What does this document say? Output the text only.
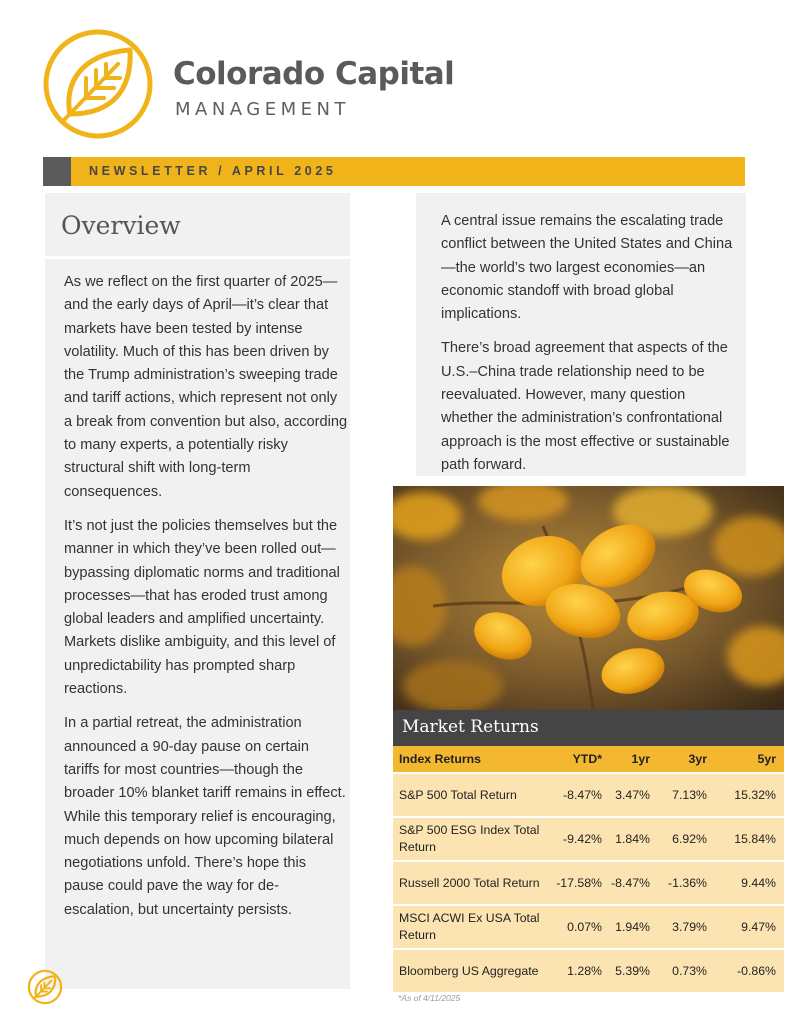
Colorado Capital
MANAGEMENT
NEWSLETTER / APRIL 2025
Overview

As we reflect on the first quarter of 2025—and the early days of April—it’s clear that markets have been tested by intense volatility. Much of this has been driven by the Trump administration’s sweeping trade and tariff actions, which represent not only a break from convention but also, according to many experts, a potentially risky structural shift with long-term consequences.

It’s not just the policies themselves but the manner in which they’ve been rolled out—bypassing diplomatic norms and traditional processes—that has eroded trust among global leaders and amplified uncertainty. Markets dislike ambiguity, and this level of unpredictability has prompted sharp reactions.

In a partial retreat, the administration announced a 90-day pause on certain tariffs for most countries—though the broader 10% blanket tariff remains in effect. While this temporary relief is encouraging, much depends on how upcoming bilateral negotiations unfold. There’s hope this pause could pave the way for de-escalation, but uncertainty persists.

A central issue remains the escalating trade conflict between the United States and China—the world’s two largest economies—an economic standoff with broad global implications.

There’s broad agreement that aspects of the U.S.–China trade relationship need to be reevaluated. However, many question whether the administration’s confrontational approach is the most effective or sustainable path forward.

Market Returns
Index Returns	YTD*	1yr	3yr	5yr
S&P 500 Total Return	-8.47%	3.47%	7.13%	15.32%
S&P 500 ESG Index Total Return	-9.42%	1.84%	6.92%	15.84%
Russell 2000 Total Return	-17.58%	-8.47%	-1.36%	9.44%
MSCI ACWI Ex USA Total Return	0.07%	1.94%	3.79%	9.47%
Bloomberg US Aggregate	1.28%	5.39%	0.73%	-0.86%
*As of 4/11/2025
